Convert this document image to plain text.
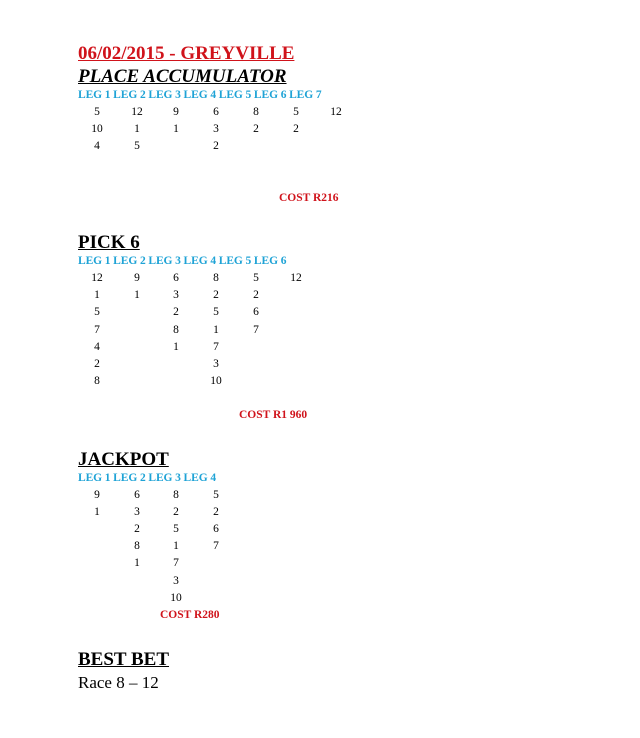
06/02/2015 - GREYVILLE
PLACE ACCUMULATOR
LEG 1 LEG 2 LEG 3 LEG 4 LEG 5 LEG 6 LEG 7
5
10
4
12
1
5
9
1
6
3
2
8
2
5
2
12
COST R216
PICK 6
LEG 1 LEG 2 LEG 3 LEG 4 LEG 5 LEG 6
12
1
5
7
4
2
8
9
1
6
3
2
8
1
8
2
5
1
7
3
10
5
2
6
7
12
COST R1 960
JACKPOT
LEG 1 LEG 2 LEG 3 LEG 4
9
1
6
3
2
8
1
8
2
5
1
7
3
10
5
2
6
7
COST R280
BEST BET
Race 8 – 12
